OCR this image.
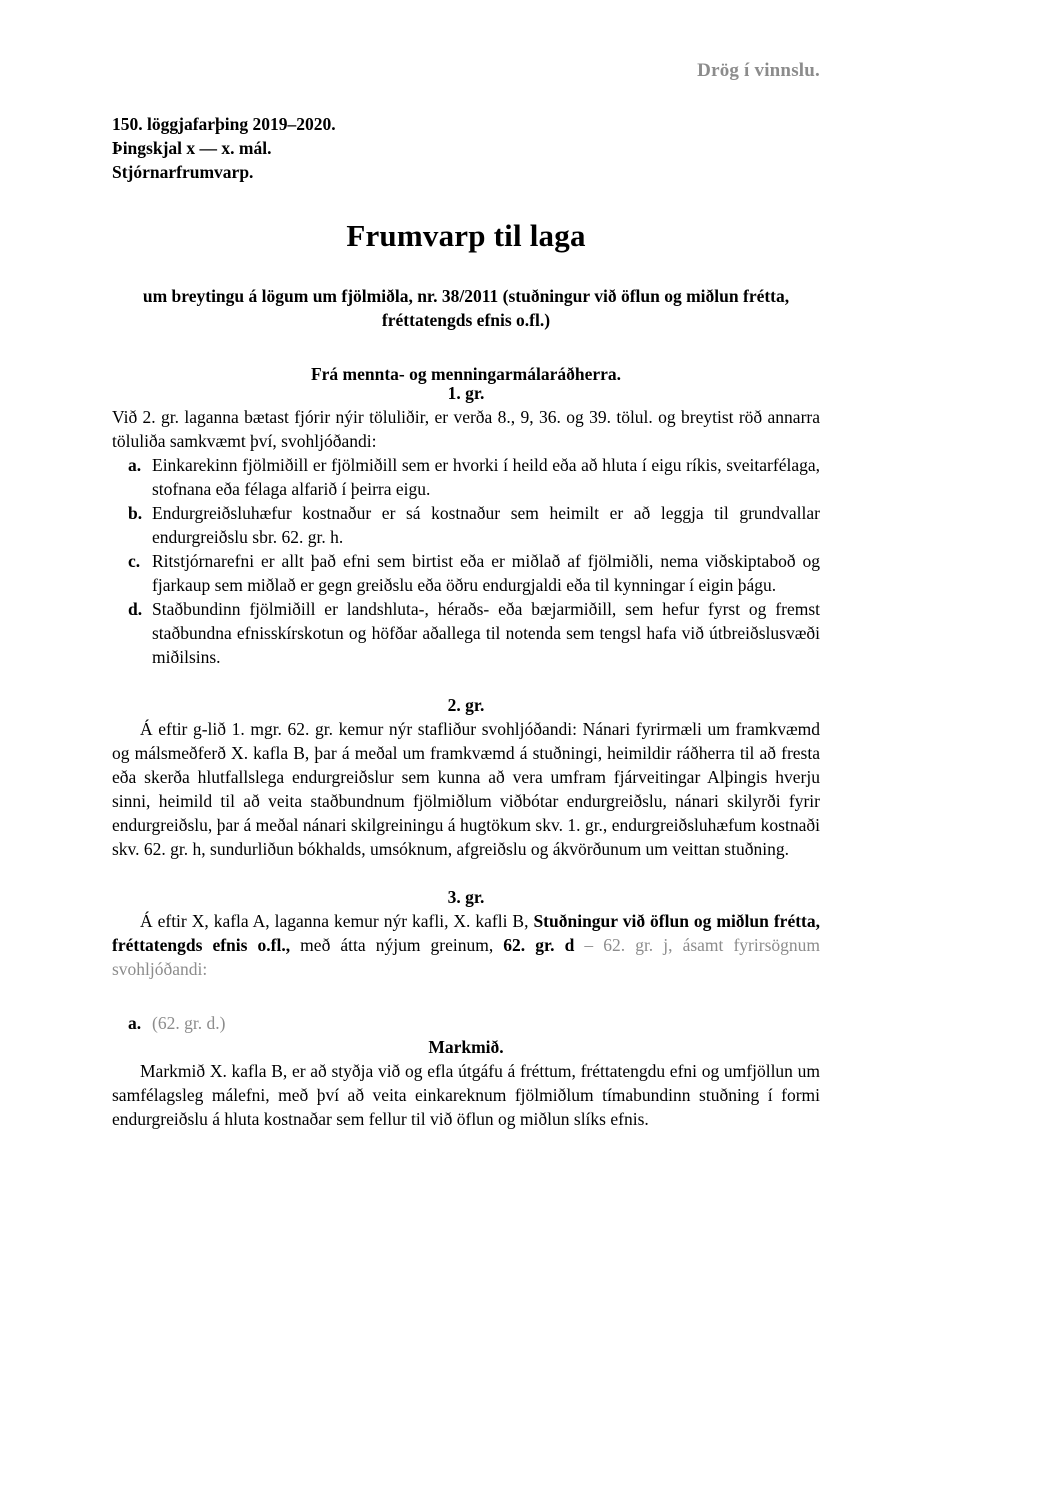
Drög í vinnslu.
150. löggjafarþing 2019–2020.
Þingskjal x — x. mál.
Stjórnarfrumvarp.
Frumvarp til laga

um breytingu á lögum um fjölmiðla, nr. 38/2011 (stuðningur við öflun og miðlun frétta, fréttatengds efnis o.fl.)

Frá mennta- og menningarmálaráðherra.

1. gr.

Við 2. gr. laganna bætast fjórir nýir töluliðir, er verða 8., 9, 36. og 39. tölul. og breytist röð annarra töluliða samkvæmt því, svohljóðandi:

a. Einkarekinn fjölmiðill er fjölmiðill sem er hvorki í heild eða að hluta í eigu ríkis, sveitarfélaga, stofnana eða félaga alfarið í þeirra eigu.
b. Endurgreiðsluhæfur kostnaður er sá kostnaður sem heimilt er að leggja til grundvallar endurgreiðslu sbr. 62. gr. h.
c. Ritstjórnarefni er allt það efni sem birtist eða er miðlað af fjölmiðli, nema viðskiptaboð og fjarkaup sem miðlað er gegn greiðslu eða öðru endurgjaldi eða til kynningar í eigin þágu.
d. Staðbundinn fjölmiðill er landshluta-, héraðs- eða bæjarmiðill, sem hefur fyrst og fremst staðbundna efnisskírskotun og höfðar aðallega til notenda sem tengsl hafa við útbreiðslusvæði miðilsins.
2. gr.

Á eftir g-lið 1. mgr. 62. gr. kemur nýr stafliður svohljóðandi: Nánari fyrirmæli um framkvæmd og málsmeðferð X. kafla B, þar á meðal um framkvæmd á stuðningi, heimildir ráðherra til að fresta eða skerða hlutfallslega endurgreiðslur sem kunna að vera umfram fjárveitingar Alþingis hverju sinni, heimild til að veita staðbundnum fjölmiðlum viðbótar endurgreiðslu, nánari skilyrði fyrir endurgreiðslu, þar á meðal nánari skilgreiningu á hugtökum skv. 1. gr., endurgreiðsluhæfum kostnaði skv. 62. gr. h, sundurliðun bókhalds, umsóknum, afgreiðslu og ákvörðunum um veittan stuðning.

3. gr.

Á eftir X, kafla A, laganna kemur nýr kafli, X. kafli B, Stuðningur við öflun og miðlun frétta, fréttatengds efnis o.fl., með átta nýjum greinum, 62. gr. d – 62. gr. j, ásamt fyrirsögnum svohljóðandi:

a. (62. gr. d.)
Markmið.

Markmið X. kafla B, er að styðja við og efla útgáfu á fréttum, fréttatengdu efni og umfjöllun um samfélagsleg málefni, með því að veita einkareknum fjölmiðlum tímabundinn stuðning í formi endurgreiðslu á hluta kostnaðar sem fellur til við öflun og miðlun slíks efnis.
